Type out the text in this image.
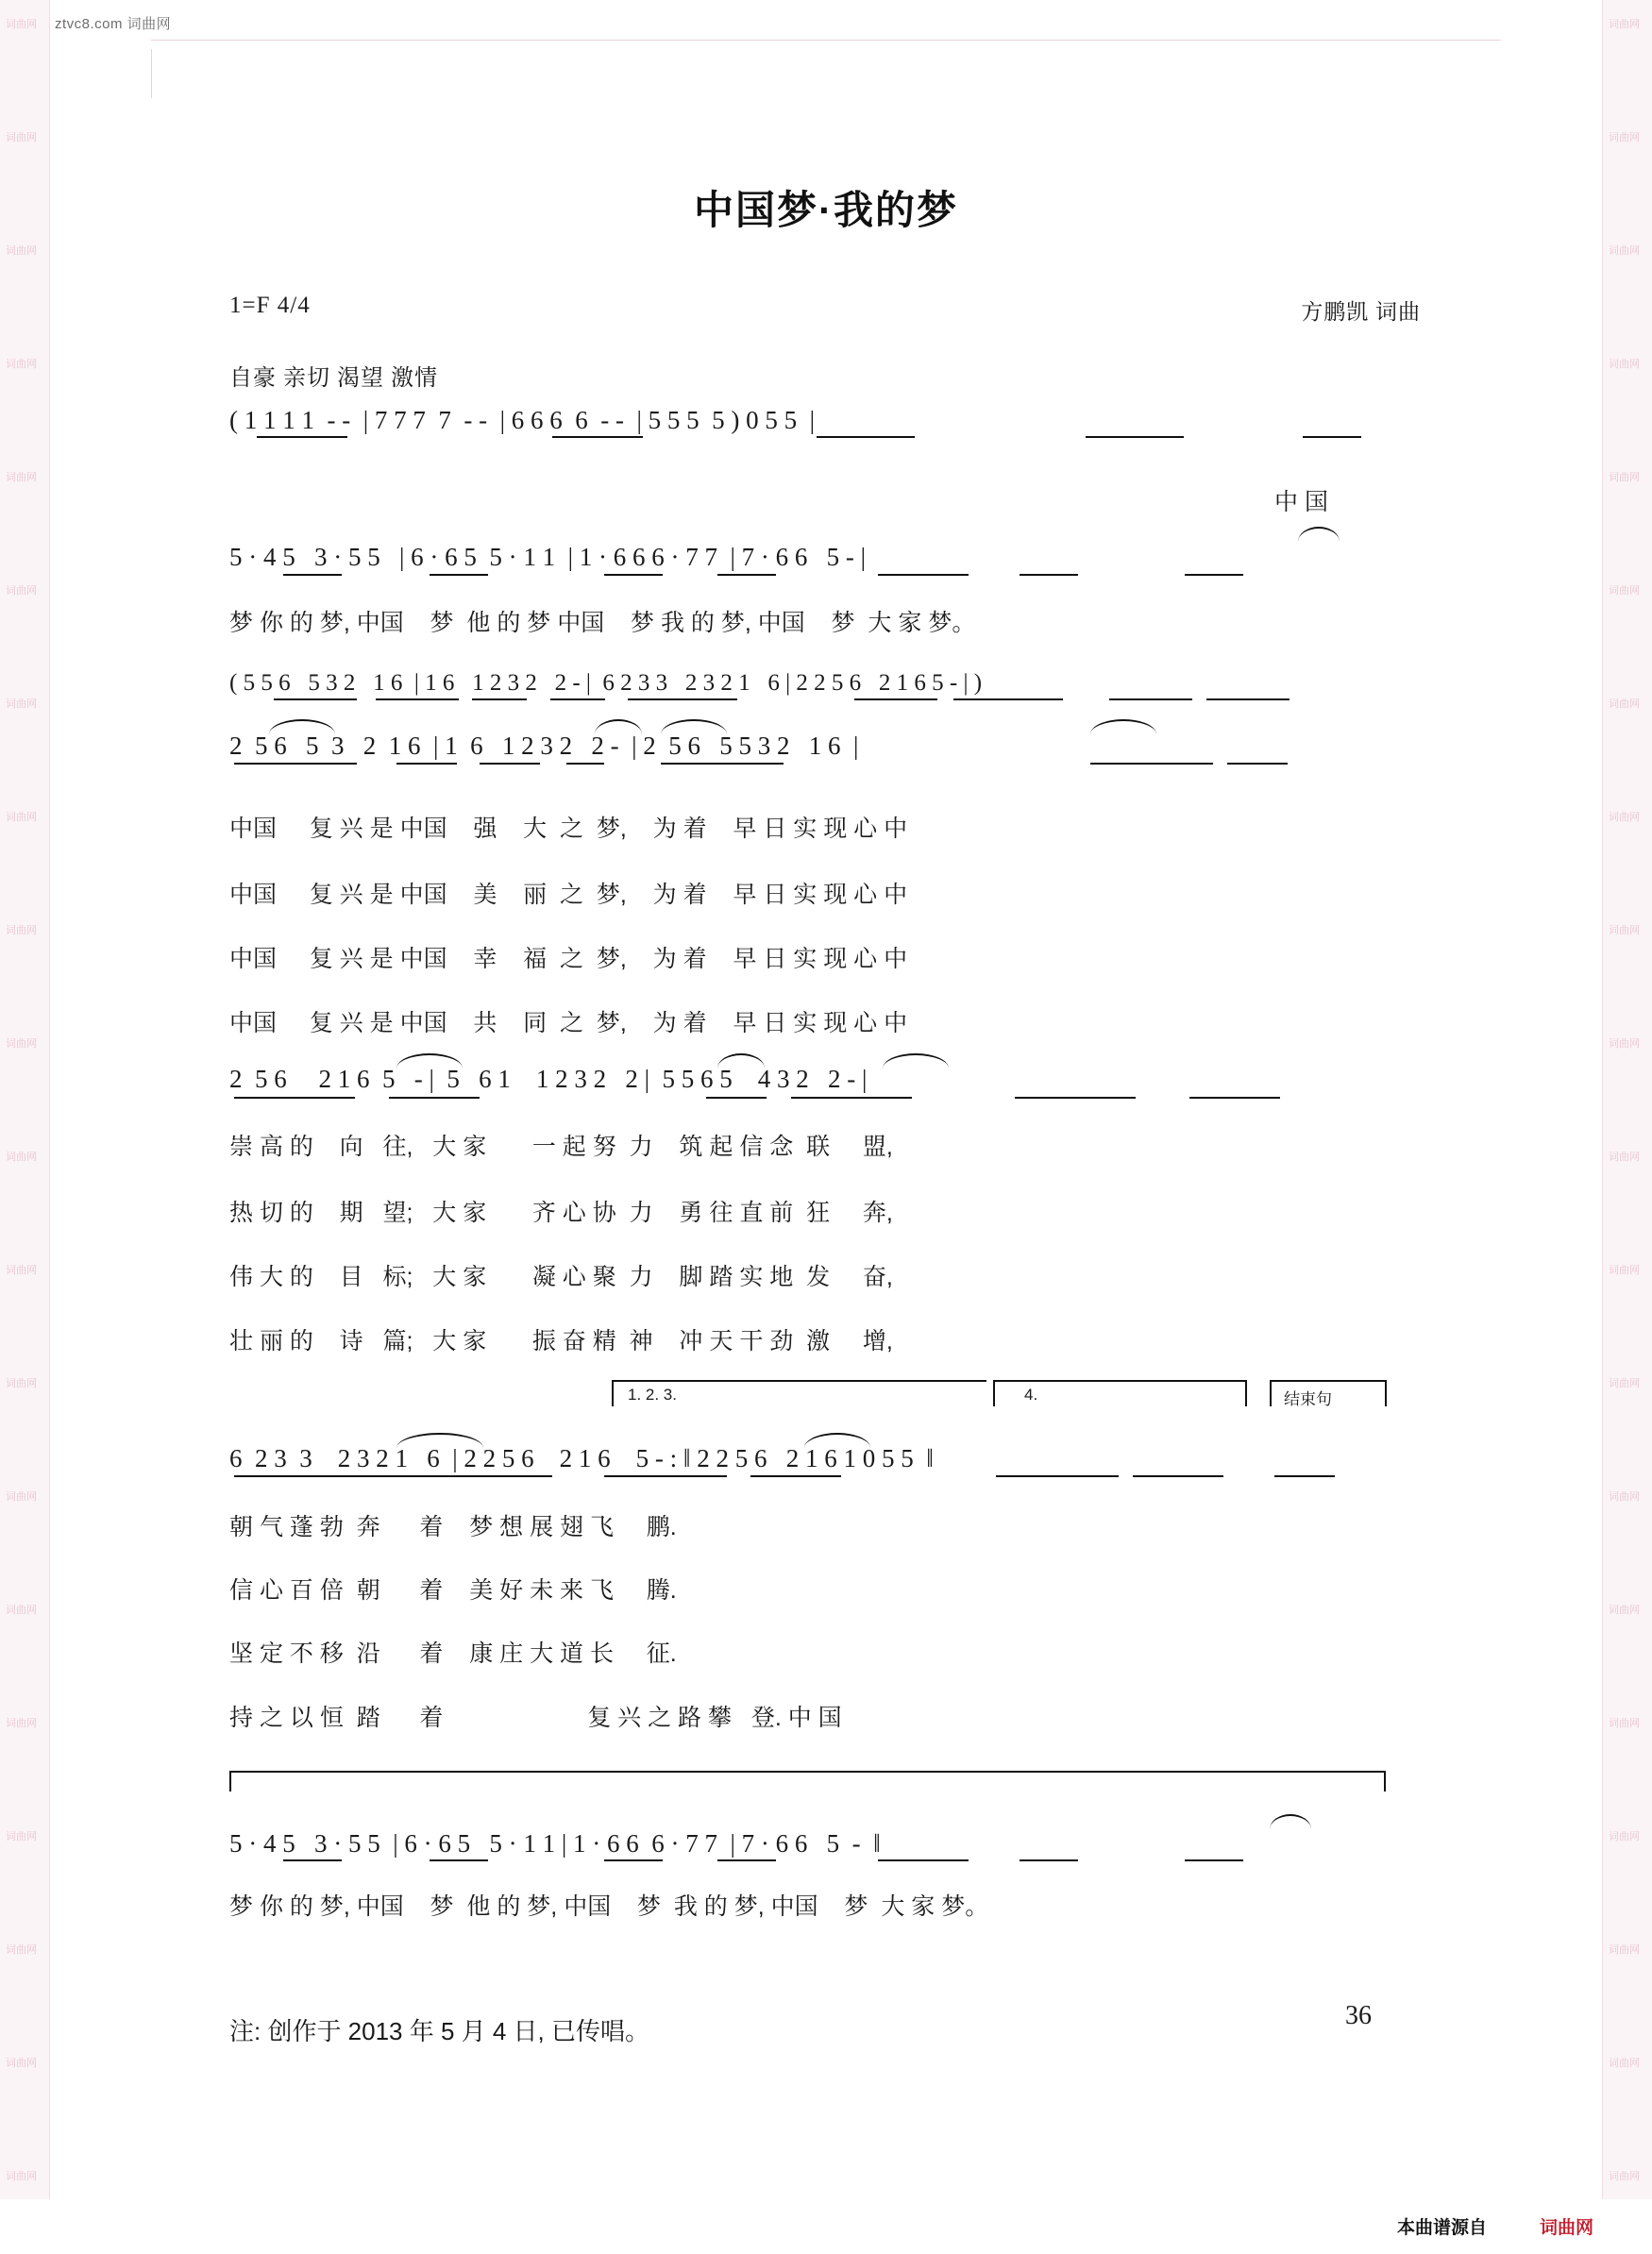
词曲网
词曲网
词曲网
词曲网
词曲网
词曲网
词曲网
词曲网
词曲网
词曲网
词曲网
词曲网
词曲网
词曲网
词曲网
词曲网
词曲网
词曲网
词曲网
词曲网
词曲网
词曲网
词曲网
词曲网
词曲网
词曲网
词曲网
词曲网
词曲网
词曲网
词曲网
词曲网
词曲网
词曲网
词曲网
词曲网
词曲网
词曲网
词曲网
词曲网
ztvc8.com 词曲网
中国梦·我的梦
1=F 4/4	方鹏凯 词曲
自豪 亲切 渴望 激情
( 1 1 1 1  - -  | 7 7 7  7  - -  | 6 6 6  6  - -  | 5 5 5  5 ) 0 5 5  |
中 国
5 · 4 5   3 · 5 5   | 6 · 6 5  5 · 1 1  | 1 · 6 6 6 · 7 7  | 7 · 6 6   5 - |
梦 你 的 梦, 中国    梦  他 的 梦 中国    梦 我 的 梦, 中国    梦  大 家 梦。
( 5 5 6   5 3 2   1 6  | 1 6   1 2 3 2   2 - |  6 2 3 3   2 3 2 1   6 | 2 2 5 6   2 1 6 5 - | )
2  5 6   5  3   2  1 6  | 1  6   1 2 3 2   2 -  | 2  5 6   5 5 3 2   1 6  |
中国     复 兴 是 中国    强    大  之  梦,    为 着    早 日 实 现 心 中
中国     复 兴 是 中国    美    丽  之  梦,    为 着    早 日 实 现 心 中
中国     复 兴 是 中国    幸    福  之  梦,    为 着    早 日 实 现 心 中
中国     复 兴 是 中国    共    同  之  梦,    为 着    早 日 实 现 心 中
2  5 6     2 1 6  5   - |  5   6 1    1 2 3 2   2 |  5 5 6 5    4 3 2   2 - |
崇 高 的    向   往,   大 家       一 起 努  力    筑 起 信 念  联     盟,
热 切 的    期   望;   大 家       齐 心 协  力    勇 往 直 前  狂     奔,
伟 大 的    目   标;   大 家       凝 心 聚  力    脚 踏 实 地  发     奋,
壮 丽 的    诗   篇;   大 家       振 奋 精  神    冲 天 干 劲  激     增,
1. 2. 3.	4.	结束句
6  2 3  3    2 3 2 1   6  | 2 2 5 6    2 1 6    5 - : ‖ 2 2 5 6   2 1 6 1 0 5 5  ‖
朝 气 蓬 勃  奔      着    梦 想 展 翅 飞     鹏.
信 心 百 倍  朝      着    美 好 未 来 飞     腾.
坚 定 不 移  沿      着    康 庄 大 道 长     征.
持 之 以 恒  踏      着                      复 兴 之 路 攀   登. 中 国
5 · 4 5   3 · 5 5  | 6 · 6 5   5 · 1 1 | 1 · 6 6  6 · 7 7  | 7 · 6 6   5  -  ‖
梦 你 的 梦, 中国    梦  他 的 梦, 中国    梦  我 的 梦, 中国    梦  大 家 梦。
注: 创作于 2013 年 5 月 4 日, 已传唱。
36
本曲谱源自	词曲网
